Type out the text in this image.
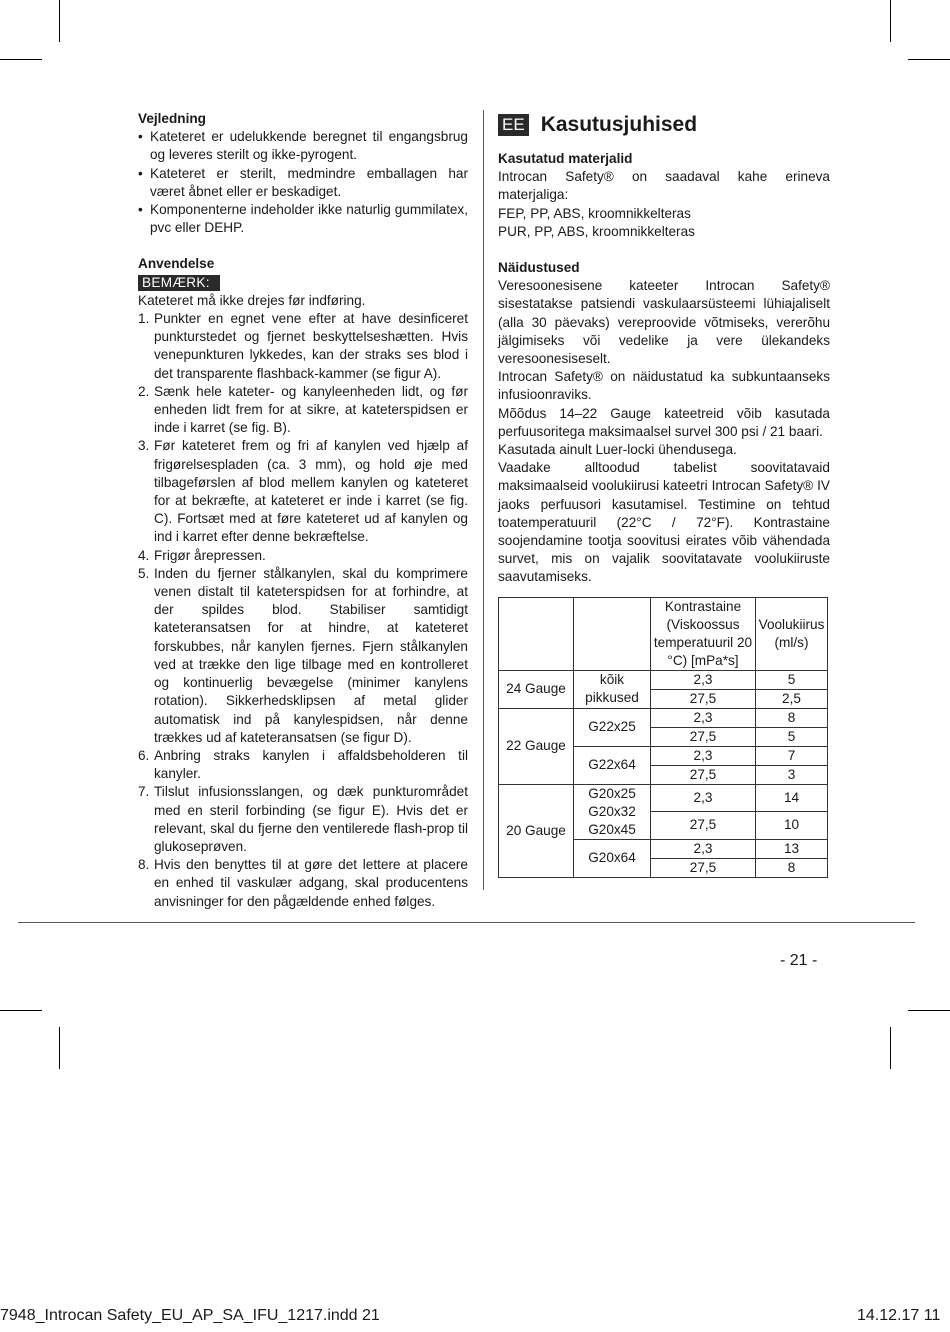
Vejledning
• Kateteret er udelukkende beregnet til engangsbrug og leveres sterilt og ikke-pyrogent.
• Kateteret er sterilt, medmindre emballagen har været åbnet eller er beskadiget.
• Komponenterne indeholder ikke naturlig gummilatex, pvc eller DEHP.
Anvendelse
BEMÆRK:

Kateteret må ikke drejes før indføring.

1. Punkter en egnet vene efter at have desinficeret punkturstedet og fjernet beskyttelseshætten. Hvis venepunkturen lykkedes, kan der straks ses blod i det transparente flashback-kammer (se figur A).
2. Sænk hele kateter- og kanyleenheden lidt, og før enheden lidt frem for at sikre, at kateterspidsen er inde i karret (se fig. B).
3. Før kateteret frem og fri af kanylen ved hjælp af frigørelsespladen (ca. 3 mm), og hold øje med tilbageførslen af blod mellem kanylen og kateteret for at bekræfte, at kateteret er inde i karret (se fig. C). Fortsæt med at føre kateteret ud af kanylen og ind i karret efter denne bekræftelse.
4. Frigør årepressen.
5. Inden du fjerner stålkanylen, skal du komprimere venen distalt til kateterspidsen for at forhindre, at der spildes blod. Stabiliser samtidigt kateteransatsen for at hindre, at kateteret forskubbes, når kanylen fjernes. Fjern stålkanylen ved at trække den lige tilbage med en kontrolleret og kontinuerlig bevægelse (minimer kanylens rotation). Sikkerhedsklipsen af metal glider automatisk ind på kanylespidsen, når denne trækkes ud af kateteransatsen (se figur D).
6. Anbring straks kanylen i affaldsbeholderen til kanyler.
7. Tilslut infusionsslangen, og dæk punkturområdet med en steril forbinding (se figur E). Hvis det er relevant, skal du fjerne den ventilerede flash-prop til glukoseprøven.
8. Hvis den benyttes til at gøre det lettere at placere en enhed til vaskulær adgang, skal producentens anvisninger for den pågældende enhed følges.
EE Kasutusjuhised
Kasutatud materjalid

Introcan Safety® on saadaval kahe erineva materjaliga:

FEP, PP, ABS, kroomnikkelteras

PUR, PP, ABS, kroomnikkelteras

Näidustused

Veresoonesisene kateeter Introcan Safety® sisestatakse patsiendi vaskulaarsüsteemi lühiajaliselt (alla 30 päevaks) vereproovide võtmiseks, vererõhu jälgimiseks või vedelike ja vere ülekandeks veresoonesiseselt.

Introcan Safety® on näidustatud ka subkuntaanseks infusioonraviks.

Mõõdus 14–22 Gauge kateetreid võib kasutada perfuusoritega maksimaalsel survel 300 psi / 21 baari.

Kasutada ainult Luer-locki ühendusega.

Vaadake alltoodud tabelist soovitatavaid maksimaalseid voolukiirusi kateetri Introcan Safety® IV jaoks perfuusori kasutamisel. Testimine on tehtud toatemperatuuril (22°C / 72°F). Kontrastaine soojendamine tootja soovitusi eirates võib vähendada survet, mis on vajalik soovitatavate voolukiiruste saavutamiseks.

		Kontrastaine (Viskoossus temperatuuril 20 °C) [mPa*s]	Voolukiirus (ml/s)
24 Gauge	kõik pikkused	2,3	5
		27,5	2,5
22 Gauge	G22x25	2,3	8
		27,5	5
	G22x64	2,3	7
		27,5	3
20 Gauge	G20x25 G20x32 G20x45	2,3	14
		27,5	10
	G20x64	2,3	13
		27,5	8
- 21 -
7948_Introcan Safety_EU_AP_SA_IFU_1217.indd 21	14.12.17 11
